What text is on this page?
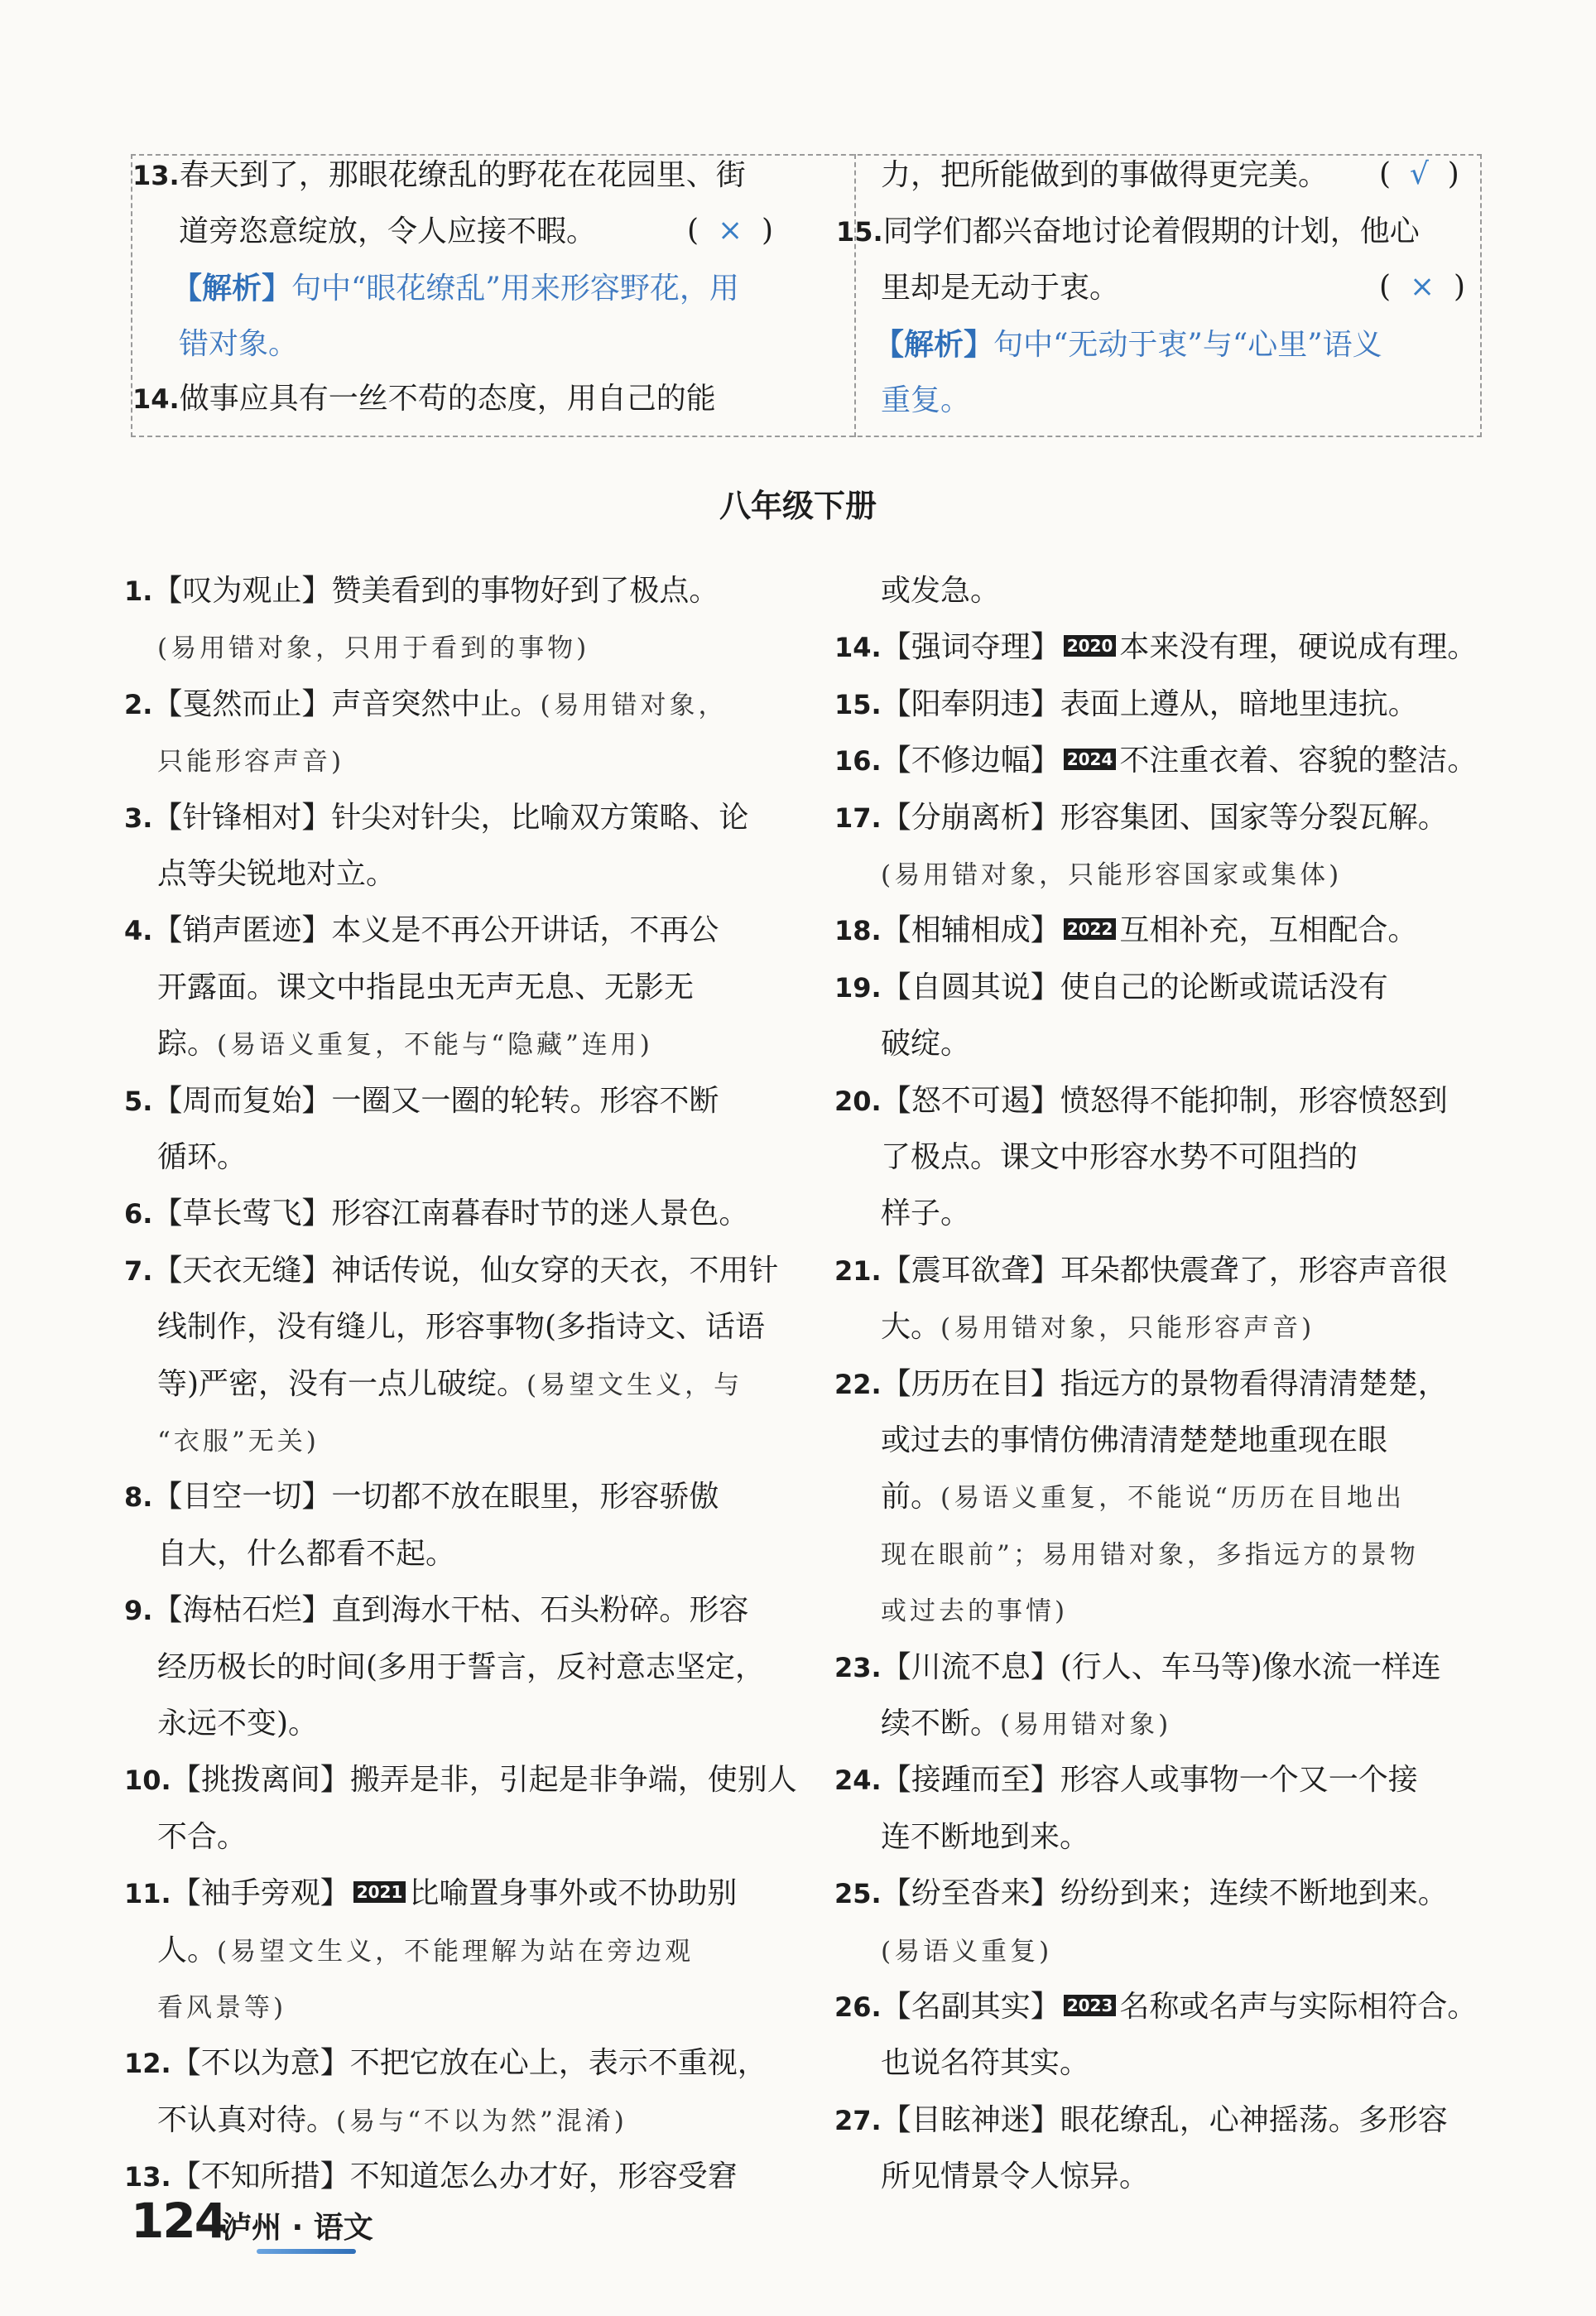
13.春天到了，那眼花缭乱的野花在花园里、街
道旁恣意绽放，令人应接不暇。	(  ×  )
【解析】句中“眼花缭乱”用来形容野花，用
错对象。
14.做事应具有一丝不苟的态度，用自己的能
力，把所能做到的事做得更完美。 (  √  )
15.同学们都兴奋地讨论着假期的计划，他心
里却是无动于衷。	(  ×  )
【解析】句中“无动于衷”与“心里”语义
重复。
八年级下册
1.【叹为观止】赞美看到的事物好到了极点。
(易用错对象，只用于看到的事物)
2.【戛然而止】声音突然中止。(易用错对象，
只能形容声音)
3.【针锋相对】针尖对针尖，比喻双方策略、论
点等尖锐地对立。
4.【销声匿迹】本义是不再公开讲话，不再公
开露面。课文中指昆虫无声无息、无影无
踪。(易语义重复，不能与“隐藏”连用)
5.【周而复始】一圈又一圈的轮转。形容不断
循环。
6.【草长莺飞】形容江南暮春时节的迷人景色。
7.【天衣无缝】神话传说，仙女穿的天衣，不用针
线制作，没有缝儿，形容事物(多指诗文、话语
等)严密，没有一点儿破绽。(易望文生义，与
“衣服”无关)
8.【目空一切】一切都不放在眼里，形容骄傲
自大，什么都看不起。
9.【海枯石烂】直到海水干枯、石头粉碎。形容
经历极长的时间(多用于誓言，反衬意志坚定，
永远不变)。
10.【挑拨离间】搬弄是非，引起是非争端，使别人
不合。
11.【袖手旁观】 2021 比喻置身事外或不协助别
人。(易望文生义，不能理解为站在旁边观
看风景等)
12.【不以为意】不把它放在心上，表示不重视，
不认真对待。(易与“不以为然”混淆)
13.【不知所措】不知道怎么办才好，形容受窘
或发急。
14.【强词夺理】 2020 本来没有理，硬说成有理。
15.【阳奉阴违】表面上遵从，暗地里违抗。
16.【不修边幅】 2024 不注重衣着、容貌的整洁。
17.【分崩离析】形容集团、国家等分裂瓦解。
(易用错对象，只能形容国家或集体)
18.【相辅相成】 2022 互相补充，互相配合。
19.【自圆其说】使自己的论断或谎话没有
破绽。
20.【怒不可遏】愤怒得不能抑制，形容愤怒到
了极点。课文中形容水势不可阻挡的
样子。
21.【震耳欲聋】耳朵都快震聋了，形容声音很
大。(易用错对象，只能形容声音)
22.【历历在目】指远方的景物看得清清楚楚，
或过去的事情仿佛清清楚楚地重现在眼
前。(易语义重复，不能说“历历在目地出
现在眼前”；易用错对象，多指远方的景物
或过去的事情)
23.【川流不息】(行人、车马等)像水流一样连
续不断。(易用错对象)
24.【接踵而至】形容人或事物一个又一个接
连不断地到来。
25.【纷至沓来】纷纷到来；连续不断地到来。
(易语义重复)
26.【名副其实】 2023 名称或名声与实际相符合。
也说名符其实。
27.【目眩神迷】眼花缭乱，心神摇荡。多形容
所见情景令人惊异。
124
泸州 · 语文
